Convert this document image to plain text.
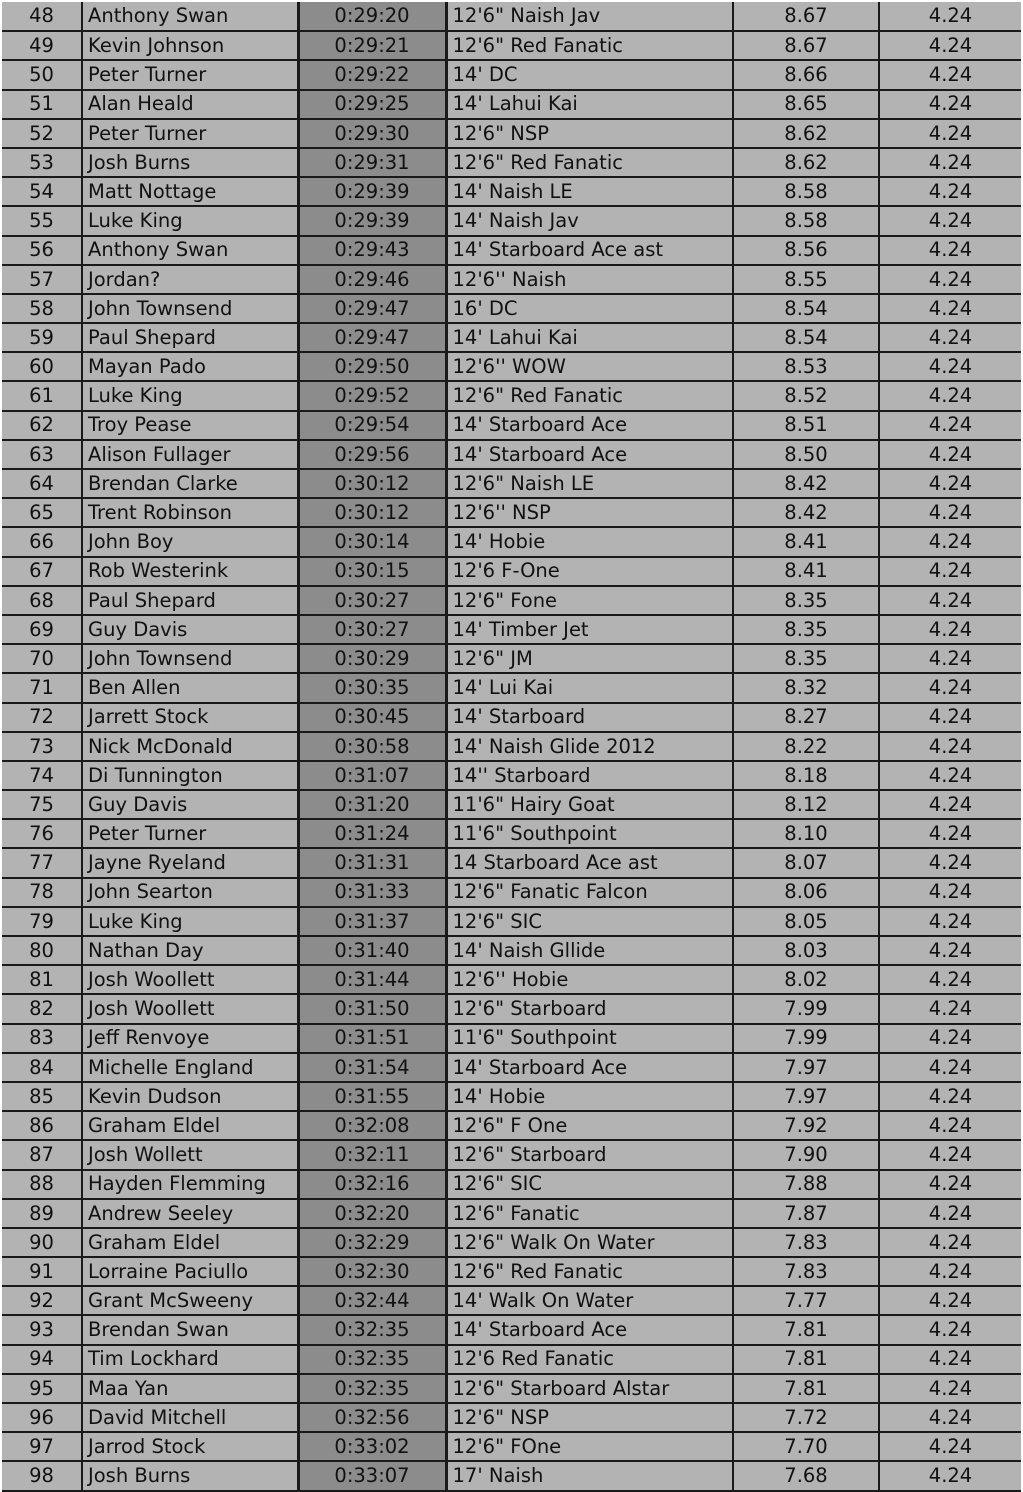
48	Anthony Swan	0:29:20	12'6" Naish Jav	8.67	4.24
49	Kevin Johnson	0:29:21	12'6" Red Fanatic	8.67	4.24
50	Peter Turner	0:29:22	14' DC	8.66	4.24
51	Alan Heald	0:29:25	14' Lahui Kai	8.65	4.24
52	Peter Turner	0:29:30	12'6" NSP	8.62	4.24
53	Josh Burns	0:29:31	12'6" Red Fanatic	8.62	4.24
54	Matt Nottage	0:29:39	14' Naish LE	8.58	4.24
55	Luke King	0:29:39	14' Naish Jav	8.58	4.24
56	Anthony Swan	0:29:43	14' Starboard Ace ast	8.56	4.24
57	Jordan?	0:29:46	12'6'' Naish	8.55	4.24
58	John Townsend	0:29:47	16' DC	8.54	4.24
59	Paul Shepard	0:29:47	14' Lahui Kai	8.54	4.24
60	Mayan Pado	0:29:50	12'6'' WOW	8.53	4.24
61	Luke King	0:29:52	12'6" Red Fanatic	8.52	4.24
62	Troy Pease	0:29:54	14' Starboard Ace	8.51	4.24
63	Alison Fullager	0:29:56	14' Starboard Ace	8.50	4.24
64	Brendan Clarke	0:30:12	12'6" Naish LE	8.42	4.24
65	Trent Robinson	0:30:12	12'6'' NSP	8.42	4.24
66	John Boy	0:30:14	14' Hobie	8.41	4.24
67	Rob Westerink	0:30:15	12'6 F-One	8.41	4.24
68	Paul Shepard	0:30:27	12'6" Fone	8.35	4.24
69	Guy Davis	0:30:27	14' Timber Jet	8.35	4.24
70	John Townsend	0:30:29	12'6" JM	8.35	4.24
71	Ben Allen	0:30:35	14' Lui Kai	8.32	4.24
72	Jarrett Stock	0:30:45	14' Starboard	8.27	4.24
73	Nick McDonald	0:30:58	14' Naish Glide 2012	8.22	4.24
74	Di Tunnington	0:31:07	14'' Starboard	8.18	4.24
75	Guy Davis	0:31:20	11'6" Hairy Goat	8.12	4.24
76	Peter Turner	0:31:24	11'6" Southpoint	8.10	4.24
77	Jayne Ryeland	0:31:31	14 Starboard Ace ast	8.07	4.24
78	John Searton	0:31:33	12'6" Fanatic Falcon	8.06	4.24
79	Luke King	0:31:37	12'6" SIC	8.05	4.24
80	Nathan Day	0:31:40	14' Naish Gllide	8.03	4.24
81	Josh Woollett	0:31:44	12'6'' Hobie	8.02	4.24
82	Josh Woollett	0:31:50	12'6" Starboard	7.99	4.24
83	Jeff Renvoye	0:31:51	11'6" Southpoint	7.99	4.24
84	Michelle England	0:31:54	14' Starboard Ace	7.97	4.24
85	Kevin Dudson	0:31:55	14' Hobie	7.97	4.24
86	Graham Eldel	0:32:08	12'6" F One	7.92	4.24
87	Josh Wollett	0:32:11	12'6" Starboard	7.90	4.24
88	Hayden Flemming	0:32:16	12'6" SIC	7.88	4.24
89	Andrew Seeley	0:32:20	12'6" Fanatic	7.87	4.24
90	Graham Eldel	0:32:29	12'6" Walk On Water	7.83	4.24
91	Lorraine Paciullo	0:32:30	12'6" Red Fanatic	7.83	4.24
92	Grant McSweeny	0:32:44	14' Walk On Water	7.77	4.24
93	Brendan Swan	0:32:35	14' Starboard Ace	7.81	4.24
94	Tim Lockhard	0:32:35	12'6 Red Fanatic	7.81	4.24
95	Maa Yan	0:32:35	12'6" Starboard Alstar	7.81	4.24
96	David Mitchell	0:32:56	12'6" NSP	7.72	4.24
97	Jarrod Stock	0:33:02	12'6" FOne	7.70	4.24
98	Josh Burns	0:33:07	17' Naish	7.68	4.24
